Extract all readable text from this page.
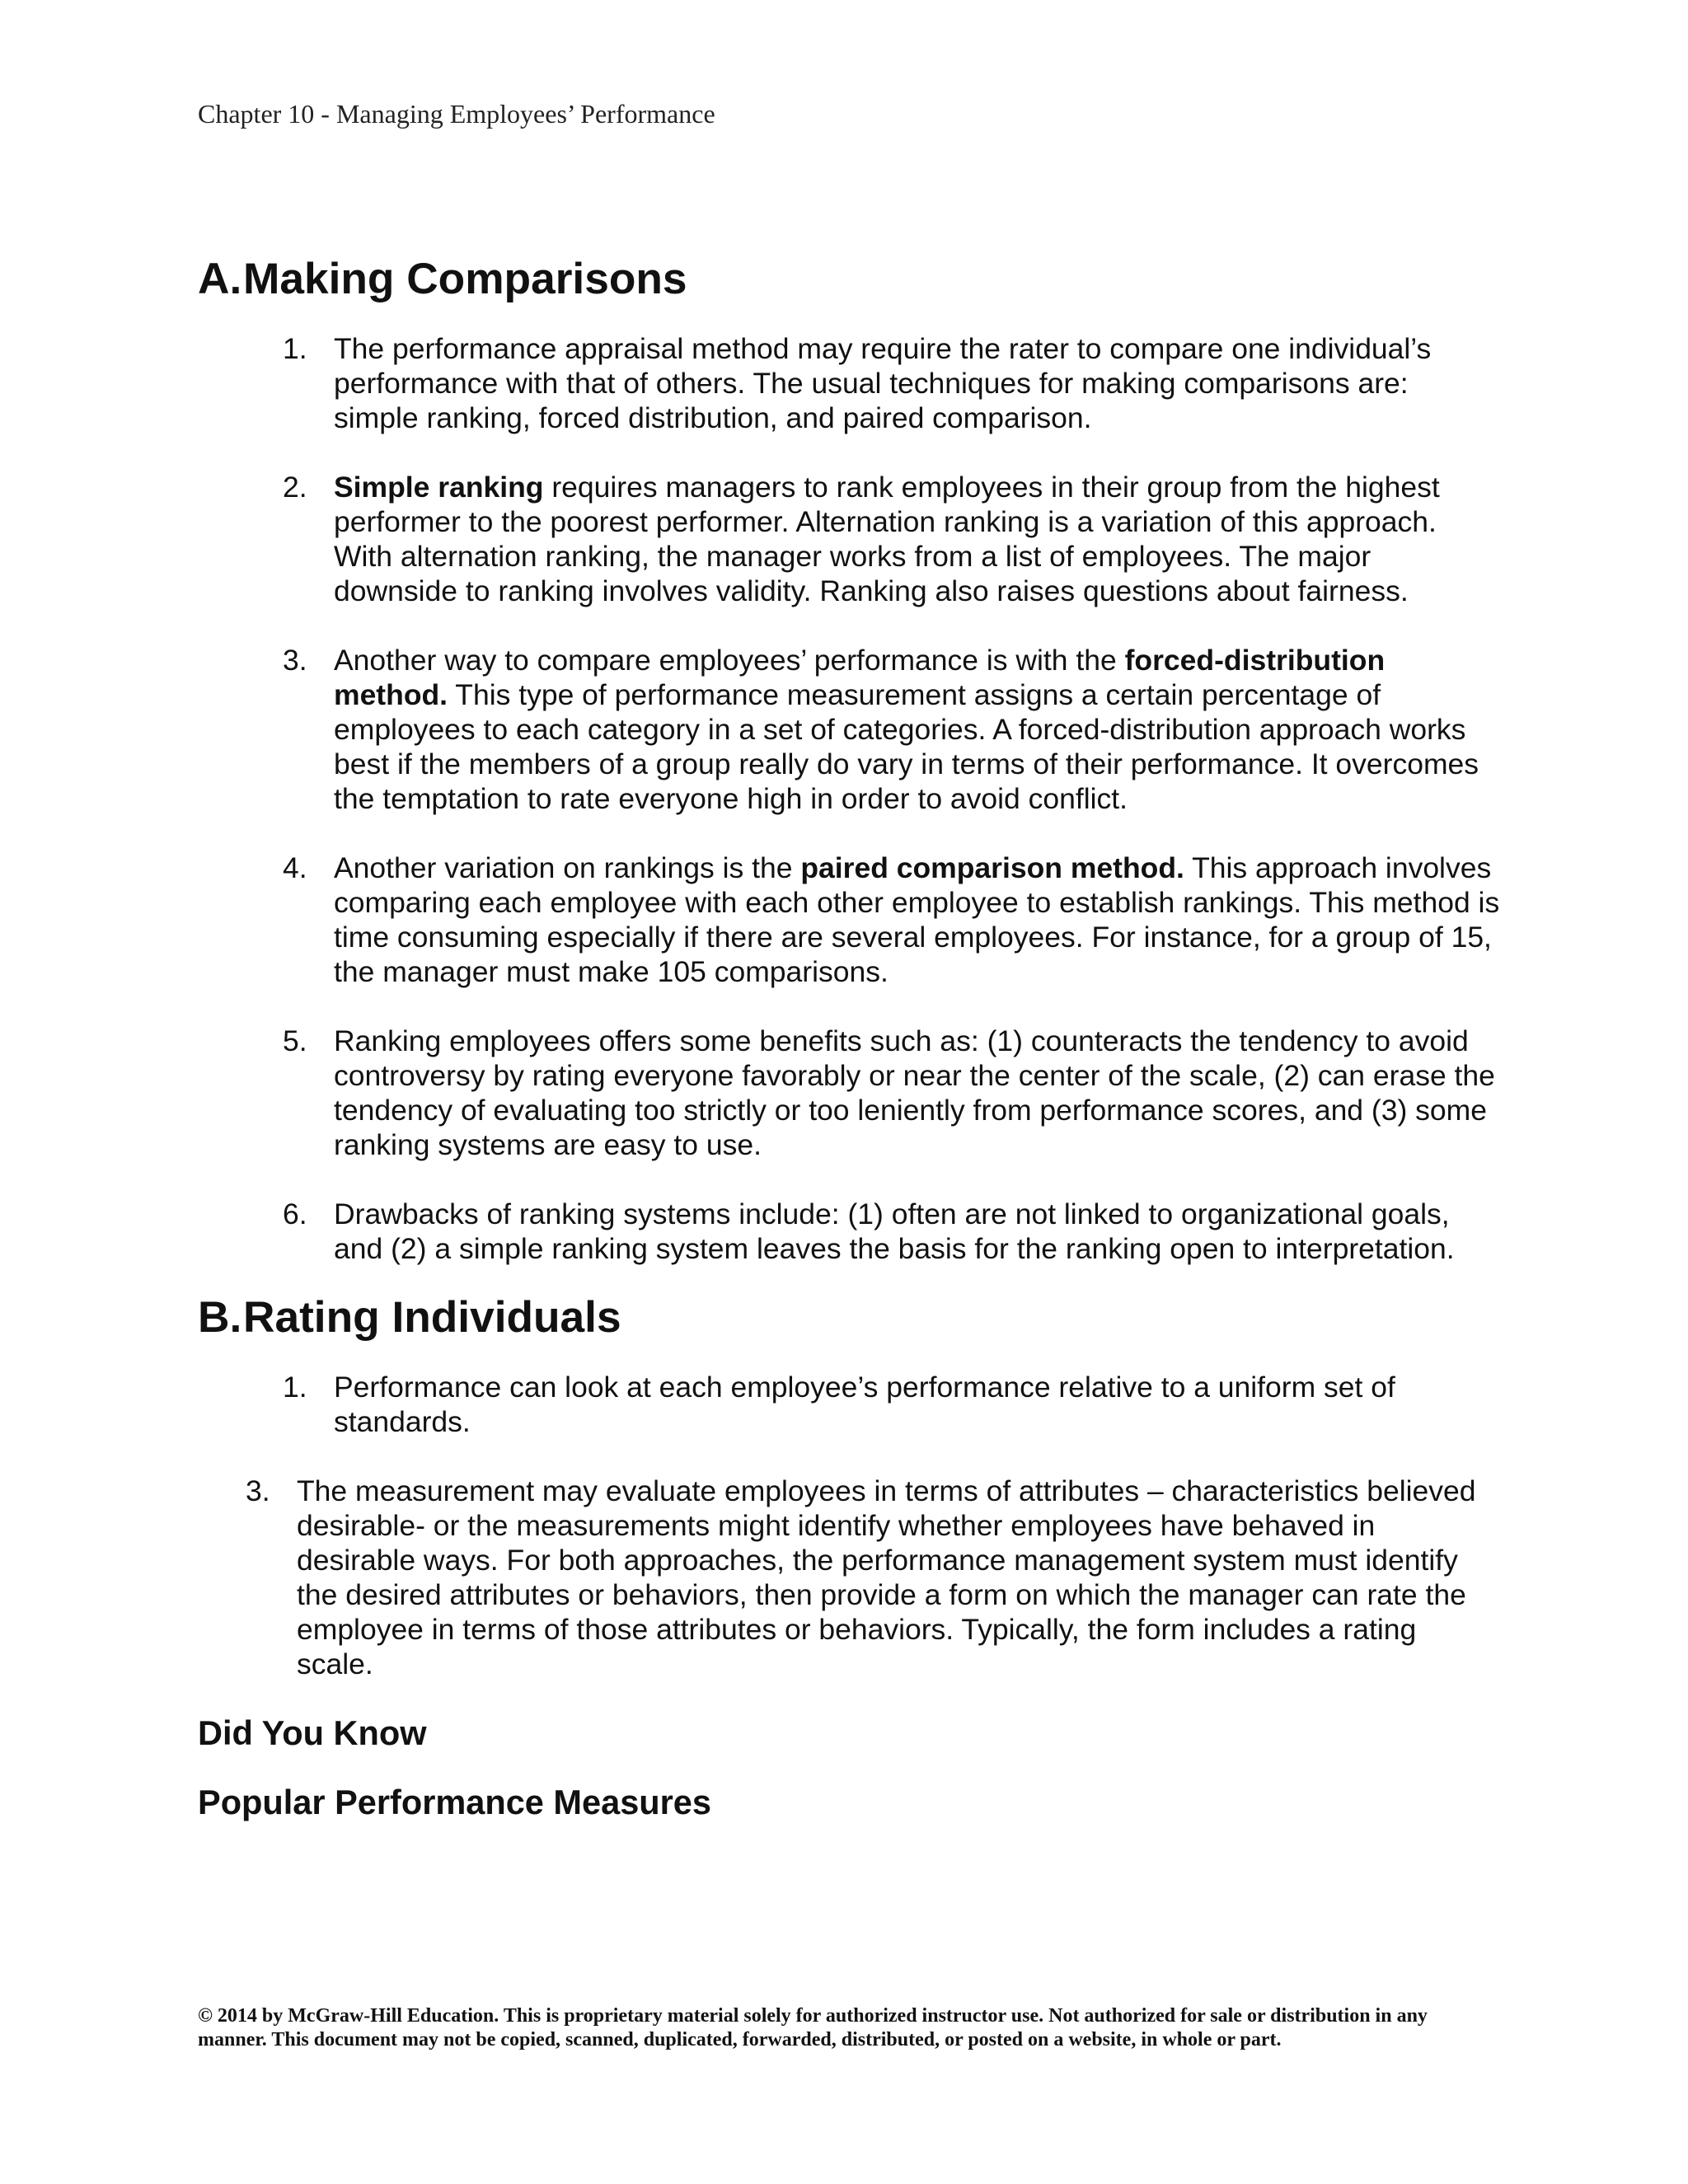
Chapter 10 - Managing Employees’ Performance
A.Making Comparisons
1. The performance appraisal method may require the rater to compare one individual’s performance with that of others. The usual techniques for making comparisons are: simple ranking, forced distribution, and paired comparison.
2. Simple ranking requires managers to rank employees in their group from the highest performer to the poorest performer. Alternation ranking is a variation of this approach. With alternation ranking, the manager works from a list of employees. The major downside to ranking involves validity. Ranking also raises questions about fairness.
3. Another way to compare employees’ performance is with the forced-distribution method. This type of performance measurement assigns a certain percentage of employees to each category in a set of categories. A forced-distribution approach works best if the members of a group really do vary in terms of their performance. It overcomes the temptation to rate everyone high in order to avoid conflict.
4. Another variation on rankings is the paired comparison method. This approach involves comparing each employee with each other employee to establish rankings. This method is time consuming especially if there are several employees. For instance, for a group of 15, the manager must make 105 comparisons.
5. Ranking employees offers some benefits such as: (1) counteracts the tendency to avoid controversy by rating everyone favorably or near the center of the scale, (2) can erase the tendency of evaluating too strictly or too leniently from performance scores, and (3) some ranking systems are easy to use.
6. Drawbacks of ranking systems include: (1) often are not linked to organizational goals, and (2) a simple ranking system leaves the basis for the ranking open to interpretation.
B.Rating Individuals
1. Performance can look at each employee’s performance relative to a uniform set of standards.
3. The measurement may evaluate employees in terms of attributes – characteristics believed desirable- or the measurements might identify whether employees have behaved in desirable ways. For both approaches, the performance management system must identify the desired attributes or behaviors, then provide a form on which the manager can rate the employee in terms of those attributes or behaviors. Typically, the form includes a rating scale.
Did You Know
Popular Performance Measures
© 2014 by McGraw-Hill Education. This is proprietary material solely for authorized instructor use. Not authorized for sale or distribution in any manner. This document may not be copied, scanned, duplicated, forwarded, distributed, or posted on a website, in whole or part.
